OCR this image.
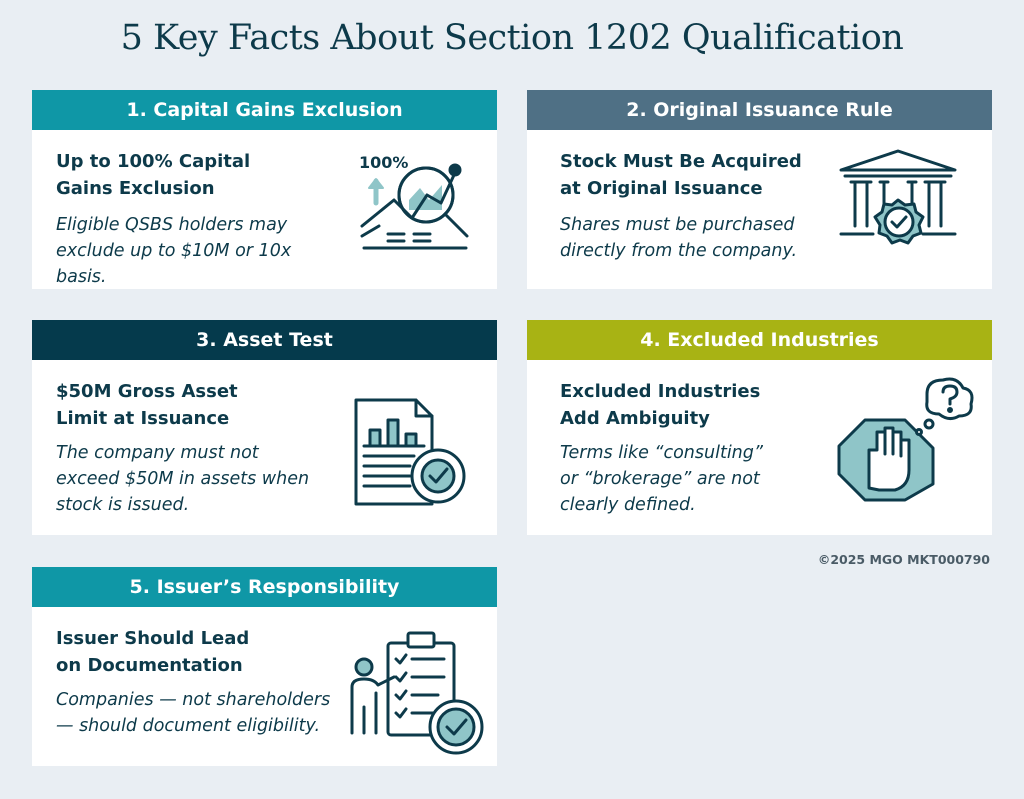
5 Key Facts About Section 1202 Qualification
1. Capital Gains Exclusion
Up to 100% Capital
Gains Exclusion
Eligible QSBS holders may
exclude up to $10M or 10x basis.
100%
2. Original Issuance Rule
Stock Must Be Acquired
at Original Issuance
Shares must be purchased
directly from the company.
3. Asset Test
$50M Gross Asset
Limit at Issuance
The company must not
exceed $50M in assets when
stock is issued.
4. Excluded Industries
Excluded Industries
Add Ambiguity
Terms like “consulting”
or “brokerage” are not
clearly defined.
5. Issuer’s Responsibility
Issuer Should Lead
on Documentation
Companies — not shareholders
— should document eligibility.
©2025 MGO MKT000790
